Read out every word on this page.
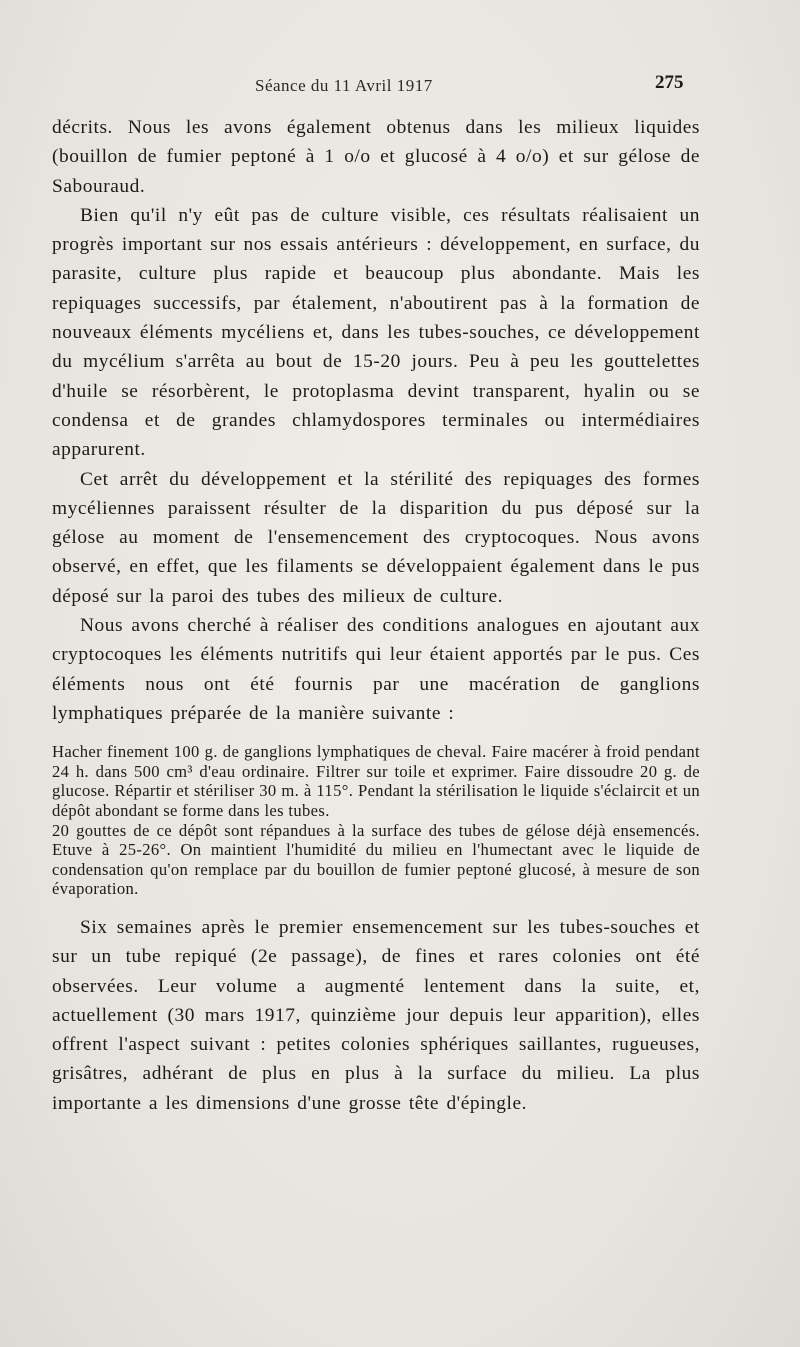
Séance du 11 Avril 1917	275

décrits. Nous les avons également obtenus dans les milieux liquides (bouillon de fumier peptoné à 1 o/o et glucosé à 4 o/o) et sur gélose de Sabouraud.

Bien qu'il n'y eût pas de culture visible, ces résultats réalisaient un progrès important sur nos essais antérieurs : développement, en surface, du parasite, culture plus rapide et beaucoup plus abondante. Mais les repiquages successifs, par étalement, n'aboutirent pas à la formation de nouveaux éléments mycéliens et, dans les tubes-souches, ce développement du mycélium s'arrêta au bout de 15-20 jours. Peu à peu les gouttelettes d'huile se résorbèrent, le protoplasma devint transparent, hyalin ou se condensa et de grandes chlamydospores terminales ou intermédiaires apparurent.

Cet arrêt du développement et la stérilité des repiquages des formes mycéliennes paraissent résulter de la disparition du pus déposé sur la gélose au moment de l'ensemencement des cryptocoques. Nous avons observé, en effet, que les filaments se développaient également dans le pus déposé sur la paroi des tubes des milieux de culture.

Nous avons cherché à réaliser des conditions analogues en ajoutant aux cryptocoques les éléments nutritifs qui leur étaient apportés par le pus. Ces éléments nous ont été fournis par une macération de ganglions lymphatiques préparée de la manière suivante :

Hacher finement 100 g. de ganglions lymphatiques de cheval. Faire macérer à froid pendant 24 h. dans 500 cm³ d'eau ordinaire. Filtrer sur toile et exprimer. Faire dissoudre 20 g. de glucose. Répartir et stériliser 30 m. à 115°. Pendant la stérilisation le liquide s'éclaircit et un dépôt abondant se forme dans les tubes.

20 gouttes de ce dépôt sont répandues à la surface des tubes de gélose déjà ensemencés. Etuve à 25-26°. On maintient l'humidité du milieu en l'humectant avec le liquide de condensation qu'on remplace par du bouillon de fumier peptoné glucosé, à mesure de son évaporation.

Six semaines après le premier ensemencement sur les tubes-souches et sur un tube repiqué (2e passage), de fines et rares colonies ont été observées. Leur volume a augmenté lentement dans la suite, et, actuellement (30 mars 1917, quinzième jour depuis leur apparition), elles offrent l'aspect suivant : petites colonies sphériques saillantes, rugueuses, grisâtres, adhérant de plus en plus à la surface du milieu. La plus importante a les dimensions d'une grosse tête d'épingle.
